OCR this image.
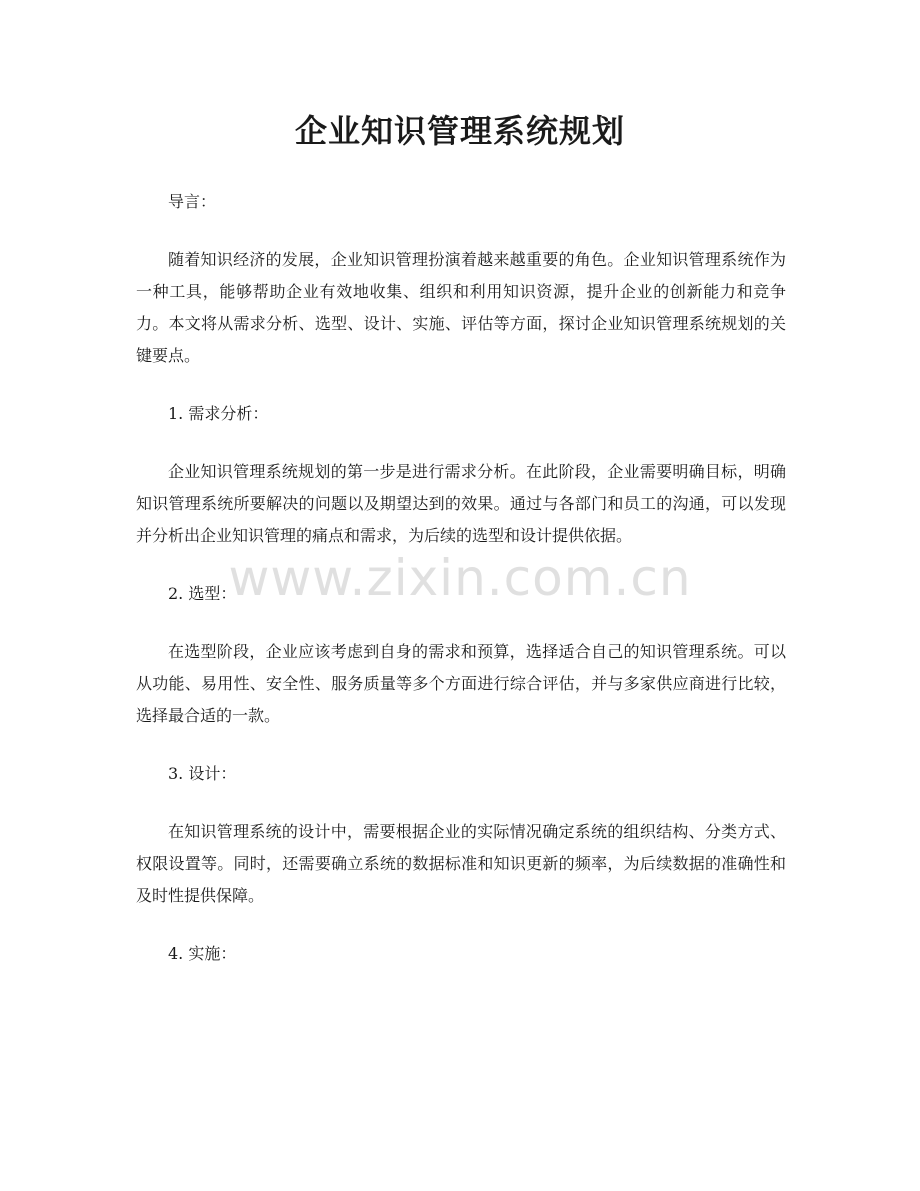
企业知识管理系统规划

导言：

随着知识经济的发展，企业知识管理扮演着越来越重要的角色。企业知识管理系统作为一种工具，能够帮助企业有效地收集、组织和利用知识资源，提升企业的创新能力和竞争力。本文将从需求分析、选型、设计、实施、评估等方面，探讨企业知识管理系统规划的关键要点。

1. 需求分析：

企业知识管理系统规划的第一步是进行需求分析。在此阶段，企业需要明确目标，明确知识管理系统所要解决的问题以及期望达到的效果。通过与各部门和员工的沟通，可以发现并分析出企业知识管理的痛点和需求，为后续的选型和设计提供依据。

2. 选型：

在选型阶段，企业应该考虑到自身的需求和预算，选择适合自己的知识管理系统。可以从功能、易用性、安全性、服务质量等多个方面进行综合评估，并与多家供应商进行比较，选择最合适的一款。

3. 设计：

在知识管理系统的设计中，需要根据企业的实际情况确定系统的组织结构、分类方式、权限设置等。同时，还需要确立系统的数据标准和知识更新的频率，为后续数据的准确性和及时性提供保障。

4. 实施：

www.zixin.com.cn
